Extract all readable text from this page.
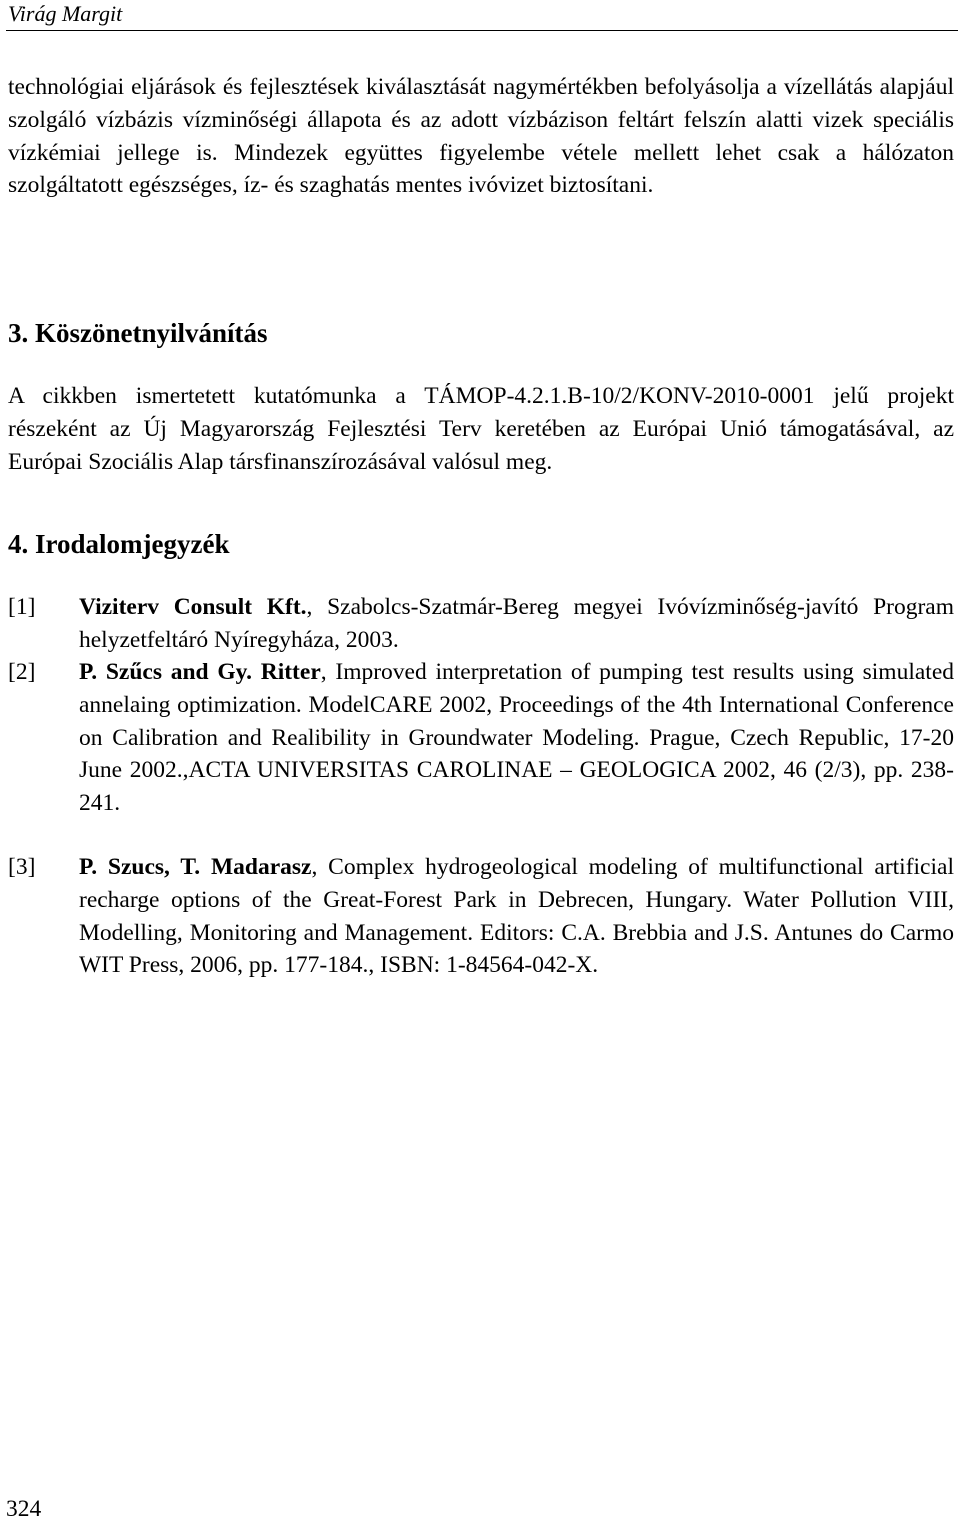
Virág Margit

technológiai eljárások és fejlesztések kiválasztását nagymértékben befolyásolja a vízellátás alapjául szolgáló vízbázis vízminőségi állapota és az adott vízbázison feltárt felszín alatti vizek speciális vízkémiai jellege is. Mindezek együttes figyelembe vétele mellett lehet csak a hálózaton szolgáltatott egészséges, íz- és szaghatás mentes ivóvizet biztosítani.

3. Köszönetnyilvánítás

A cikkben ismertetett kutatómunka a TÁMOP-4.2.1.B-10/2/KONV-2010-0001 jelű projekt részeként az Új Magyarország Fejlesztési Terv keretében az Európai Unió támogatásával, az Európai Szociális Alap társfinanszírozásával valósul meg.

4. Irodalomjegyzék
[1]	Viziterv Consult Kft., Szabolcs-Szatmár-Bereg megyei Ivóvízminőség-javító Program helyzetfeltáró Nyíregyháza, 2003.
[2]	P. Szűcs and Gy. Ritter, Improved interpretation of pumping test results using simulated annelaing optimization. ModelCARE 2002, Proceedings of the 4th International Conference on Calibration and Realibility in Groundwater Modeling. Prague, Czech Republic, 17-20 June 2002.,ACTA UNIVERSITAS CAROLINAE – GEOLOGICA 2002, 46 (2/3), pp. 238-241.
[3]	P. Szucs, T. Madarasz, Complex hydrogeological modeling of multifunctional artificial recharge options of the Great-Forest Park in Debrecen, Hungary. Water Pollution VIII, Modelling, Monitoring and Management. Editors: C.A. Brebbia and J.S. Antunes do Carmo WIT Press, 2006, pp. 177-184., ISBN: 1-84564-042-X.
324
